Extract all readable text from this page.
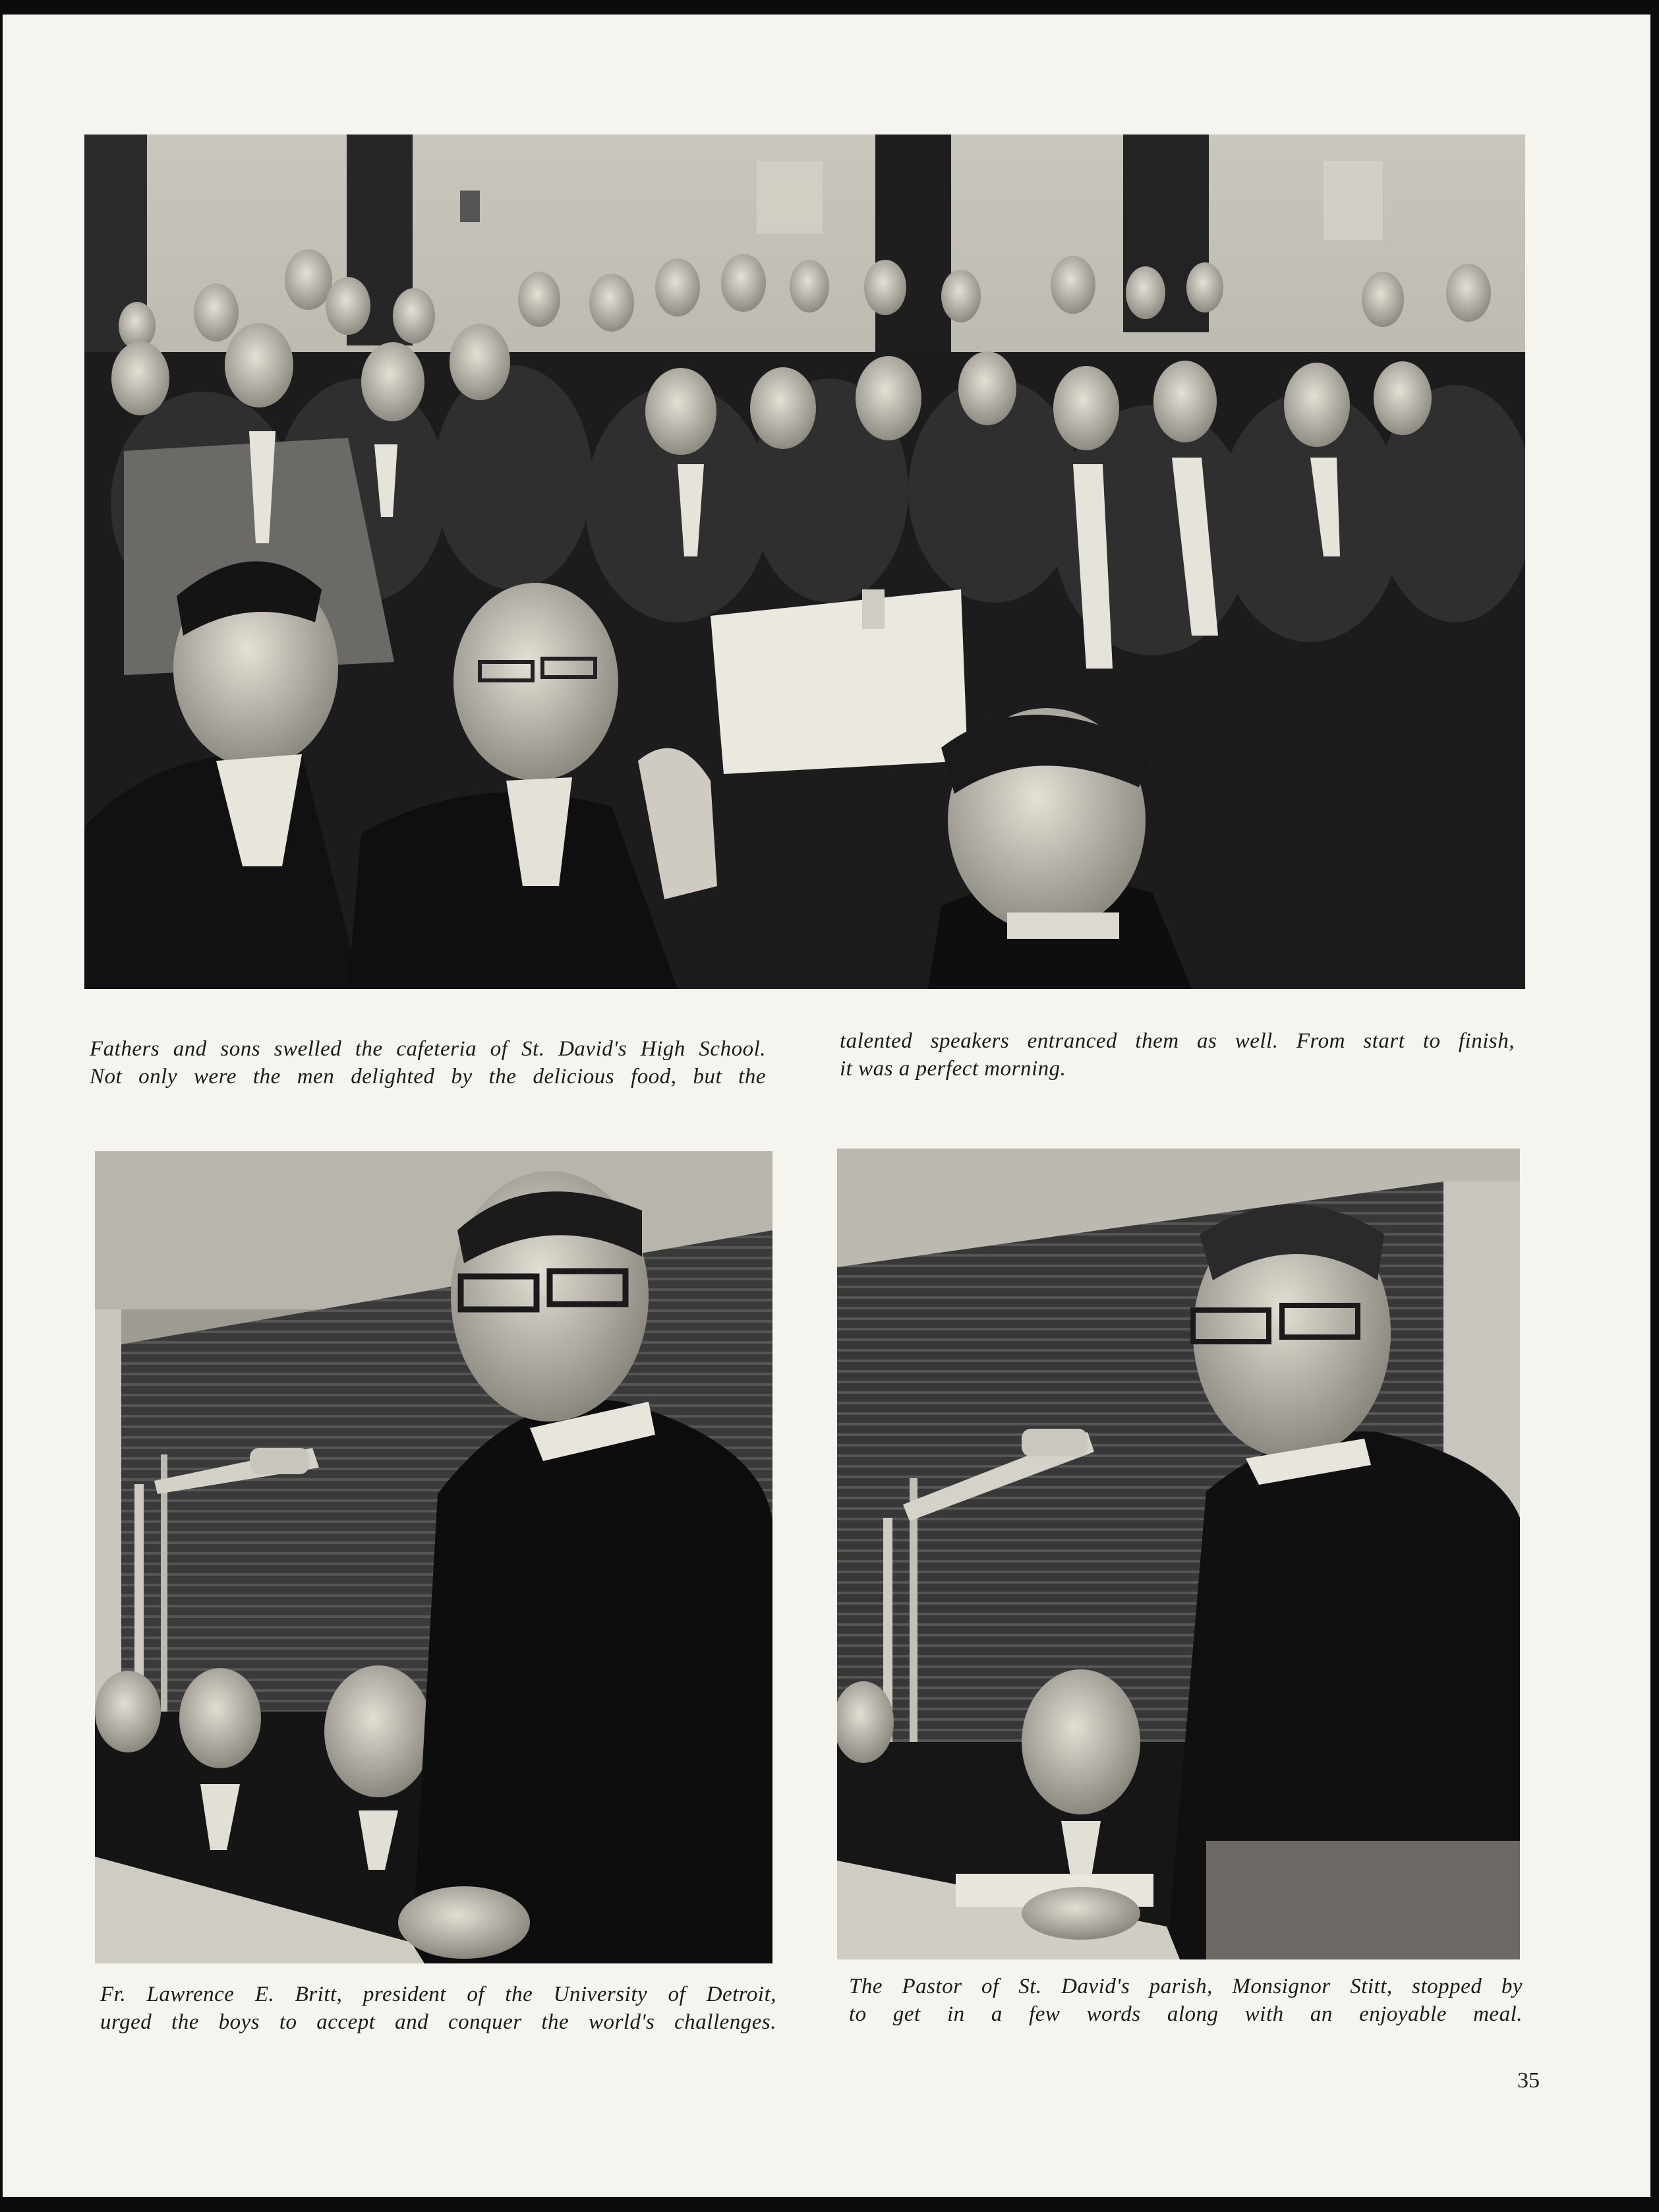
Fathers and sons swelled the cafeteria of St. David's High School.
Not only were the men delighted by the delicious food, but the
talented speakers entranced them as well. From start to finish,
it was a perfect morning.
Fr. Lawrence E. Britt, president of the University of Detroit,
urged the boys to accept and conquer the world's challenges.
The Pastor of St. David's parish, Monsignor Stitt, stopped by
to get in a few words along with an enjoyable meal.
35
